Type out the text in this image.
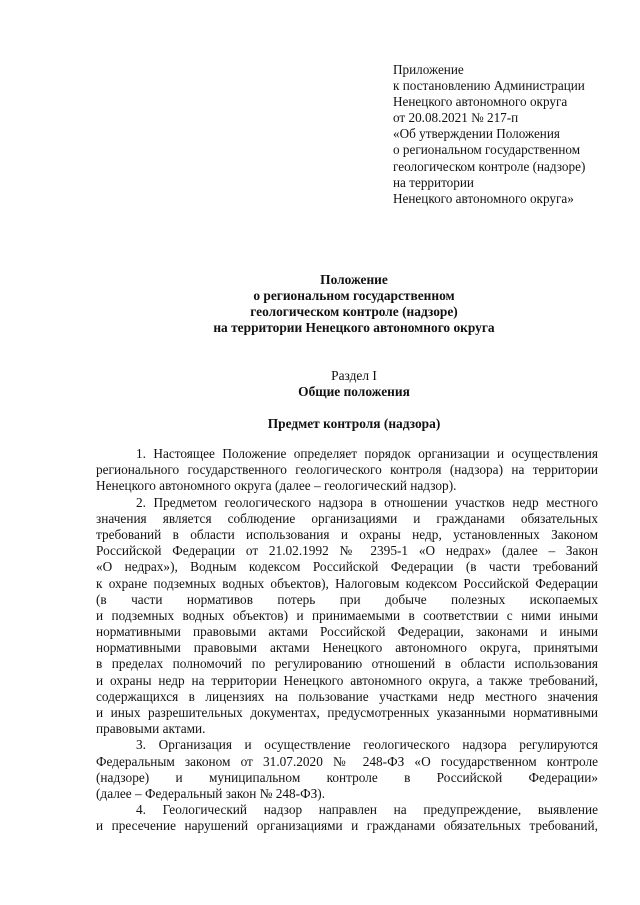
Приложение
к постановлению Администрации
Ненецкого автономного округа
от 20.08.2021 № 217-п
«Об утверждении Положения
о региональном государственном
геологическом контроле (надзоре)
на территории
Ненецкого автономного округа»
Положение
о региональном государственном
геологическом контроле (надзоре)
на территории Ненецкого автономного округа
Раздел I
Общие положения
Предмет контроля (надзора)
1. Настоящее Положение определяет порядок организации и осуществления
регионального государственного геологического контроля (надзора) на территории
Ненецкого автономного округа (далее – геологический надзор).
2. Предметом геологического надзора в отношении участков недр местного
значения является соблюдение организациями и гражданами обязательных
требований в области использования и охраны недр, установленных Законом
Российской Федерации от 21.02.1992 № 2395-1 «О недрах» (далее – Закон
«О недрах»), Водным кодексом Российской Федерации (в части требований
к охране подземных водных объектов), Налоговым кодексом Российской Федерации
(в части нормативов потерь при добыче полезных ископаемых
и подземных водных объектов) и принимаемыми в соответствии с ними иными
нормативными правовыми актами Российской Федерации, законами и иными
нормативными правовыми актами Ненецкого автономного округа, принятыми
в пределах полномочий по регулированию отношений в области использования
и охраны недр на территории Ненецкого автономного округа, а также требований,
содержащихся в лицензиях на пользование участками недр местного значения
и иных разрешительных документах, предусмотренных указанными нормативными
правовыми актами.
3. Организация и осуществление геологического надзора регулируются
Федеральным законом от 31.07.2020 № 248-ФЗ «О государственном контроле
(надзоре) и муниципальном контроле в Российской Федерации»
(далее – Федеральный закон № 248-ФЗ).
4. Геологический надзор направлен на предупреждение, выявление
и пресечение нарушений организациями и гражданами обязательных требований,
